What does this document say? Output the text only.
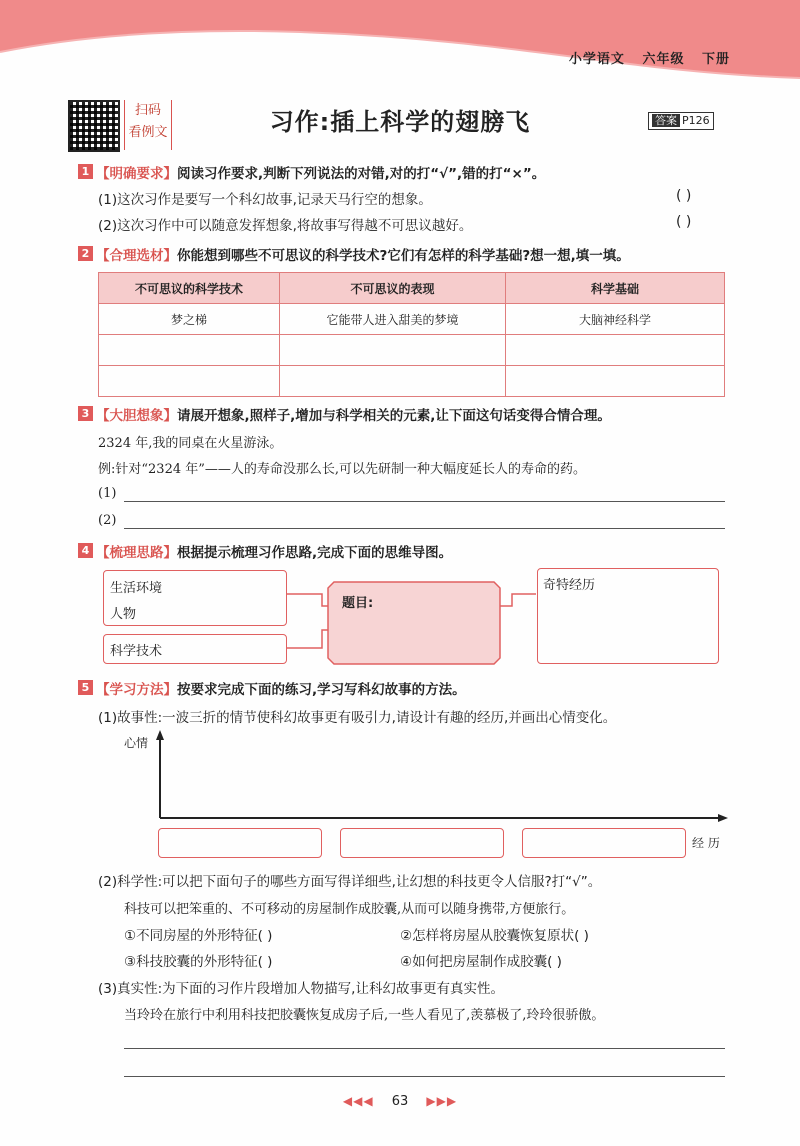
小学语文 六年级 下册
扫码
看例文	习作:插上科学的翅膀飞	答案 P126
1 【明确要求】阅读习作要求,判断下列说法的对错,对的打“√”,错的打“×”。
(1)这次习作是要写一个科幻故事,记录天马行空的想象。	( )
(2)这次习作中可以随意发挥想象,将故事写得越不可思议越好。	( )
2 【合理选材】你能想到哪些不可思议的科学技术?它们有怎样的科学基础?想一想,填一填。
不可思议的科学技术	不可思议的表现	科学基础
梦之梯	它能带人进入甜美的梦境	大脑神经科学

3 【大胆想象】请展开想象,照样子,增加与科学相关的元素,让下面这句话变得合情合理。
2324 年,我的同桌在火星游泳。
例:针对“2324 年”——人的寿命没那么长,可以先研制一种大幅度延长人的寿命的药。
(1)
(2)
4 【梳理思路】根据提示梳理习作思路,完成下面的思维导图。
生活环境
人物
科学技术
题目:
奇特经历
5 【学习方法】按要求完成下面的练习,学习写科幻故事的方法。
(1)故事性:一波三折的情节使科幻故事更有吸引力,请设计有趣的经历,并画出心情变化。
心情
经 历
(2)科学性:可以把下面句子的哪些方面写得详细些,让幻想的科技更令人信服?打“√”。
科技可以把笨重的、不可移动的房屋制作成胶囊,从而可以随身携带,方便旅行。
①不同房屋的外形特征( )	②怎样将房屋从胶囊恢复原状( )
③科技胶囊的外形特征( )	④如何把房屋制作成胶囊( )
(3)真实性:为下面的习作片段增加人物描写,让科幻故事更有真实性。
当玲玲在旅行中利用科技把胶囊恢复成房子后,一些人看见了,羡慕极了,玲玲很骄傲。
◀◀◀ 63 ▶▶▶
